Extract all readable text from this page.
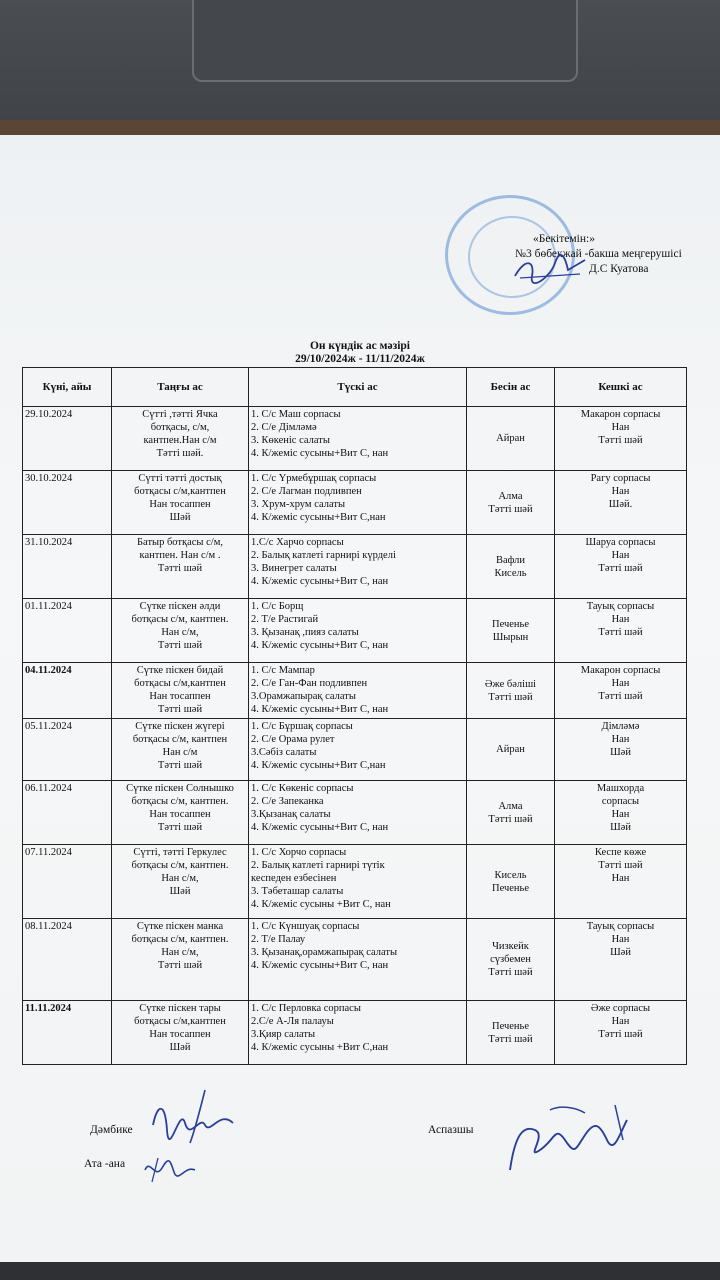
«Бекітемін:»
№3 бөбекжай -бакша меңгерушісі
Д.С Куатова
Он күндік ас мәзірі
29/10/2024ж - 11/11/2024ж
Күні, айы	Таңғы ас	Түскі ас	Бесін ас	Кешкі ас

29.10.2024	Сүтті ,тәтті Ячка
ботқасы, с/м,
кантпен.Нан с/м
Тәтті шәй.	1. С/с Маш сорпасы
2. С/е Дімләмә
3. Көкеніс салаты
4. К/жеміс сусыны+Вит С, нан	Айран	Макарон сорпасы
Нан
Тәтті шәй

30.10.2024	Сүтті тәтті достық
ботқасы с/м,кантпен
Нан тосаппен
Шәй	1. С/с Үрмебұршақ сорпасы
2. С/е Лагман подливпен
3. Хрум-хрум салаты
4. К/жеміс сусыны+Вит С,нан	Алма
Тәтті шәй	Рагу сорпасы
Нан
Шәй.

31.10.2024	Батыр ботқасы с/м,
кантпен. Нан с/м .
Тәтті шәй	1.С/с Харчо сорпасы
2. Балық катлеті гарнирі күрделі
3. Винегрет салаты
4. К/жеміс сусыны+Вит С, нан	Вафли
Кисель	Шаруа сорпасы
Нан
Тәтті шәй

01.11.2024	Сүтке піскен әлди
ботқасы с/м, кантпен.
Нан с/м,
Тәтті шәй	1. С/с Борщ
2. Т/е Растигай
3. Қызанақ ,пияз салаты
4. К/жеміс сусыны+Вит С, нан	Печенье
Шырын	Тауық сорпасы
Нан
Тәтті шәй

04.11.2024	Сүтке піскен бидай
ботқасы с/м,кантпен
Нан тосаппен
Тәтті шәй	1. С/с Мампар
2. С/е Ган-Фан подливпен
3.Орамжапырақ салаты
4. К/жеміс сусыны+Вит С, нан	Әже бәліші
Тәтті шәй	Макарон сорпасы
Нан
Тәтті шәй

05.11.2024	Сүтке піскен жүгері
ботқасы с/м, кантпен
Нан с/м
Тәтті шәй	1. С/с Бұршақ сорпасы
2. С/е Орама рулет
3.Сәбіз салаты
4. К/жеміс сусыны+Вит С,нан	Айран	Дімләмә
Нан
Шәй

06.11.2024	Сүтке піскен Солнышко
ботқасы с/м, кантпен.
Нан тосаппен
Тәтті шәй	1. С/с Көкеніс сорпасы
2. С/е Запеканка
3.Қызанақ салаты
4. К/жеміс сусыны+Вит С, нан	Алма
Тәтті шәй	Машхорда
сорпасы
Нан
Шәй

07.11.2024	Сүтті, тәтті Геркулес
ботқасы с/м, кантпен.
Нан с/м,
Шәй	1. С/с Хорчо сорпасы
2. Балық катлеті гарнирі түтік
кеспеден езбесінен
3. Тәбеташар салаты
4. К/жеміс сусыны +Вит С, нан	Кисель
Печенье	Кеспе көже
Тәтті шәй
Нан

08.11.2024	Сүтке піскен манка
ботқасы с/м, кантпен.
Нан с/м,
Тәтті шәй	1. С/с Күншуақ сорпасы
2. Т/е Палау
3. Қызанақ,орамжапырақ салаты
4. К/жеміс сусыны+Вит С, нан	Чизкейк
сүзбемен
Тәтті шәй	Тауық сорпасы
Нан
Шәй

11.11.2024	Сүтке піскен тары
ботқасы с/м,кантпен
Нан тосаппен
Шәй	1. С/с Перловка сорпасы
2.С/е А-Ля палауы
3.Қияр салаты
4. К/жеміс сусыны +Вит С,нан	Печенье
Тәтті шәй	Әже сорпасы
Нан
Тәтті шәй
Дәмбике	Аспазшы
Ата -ана
